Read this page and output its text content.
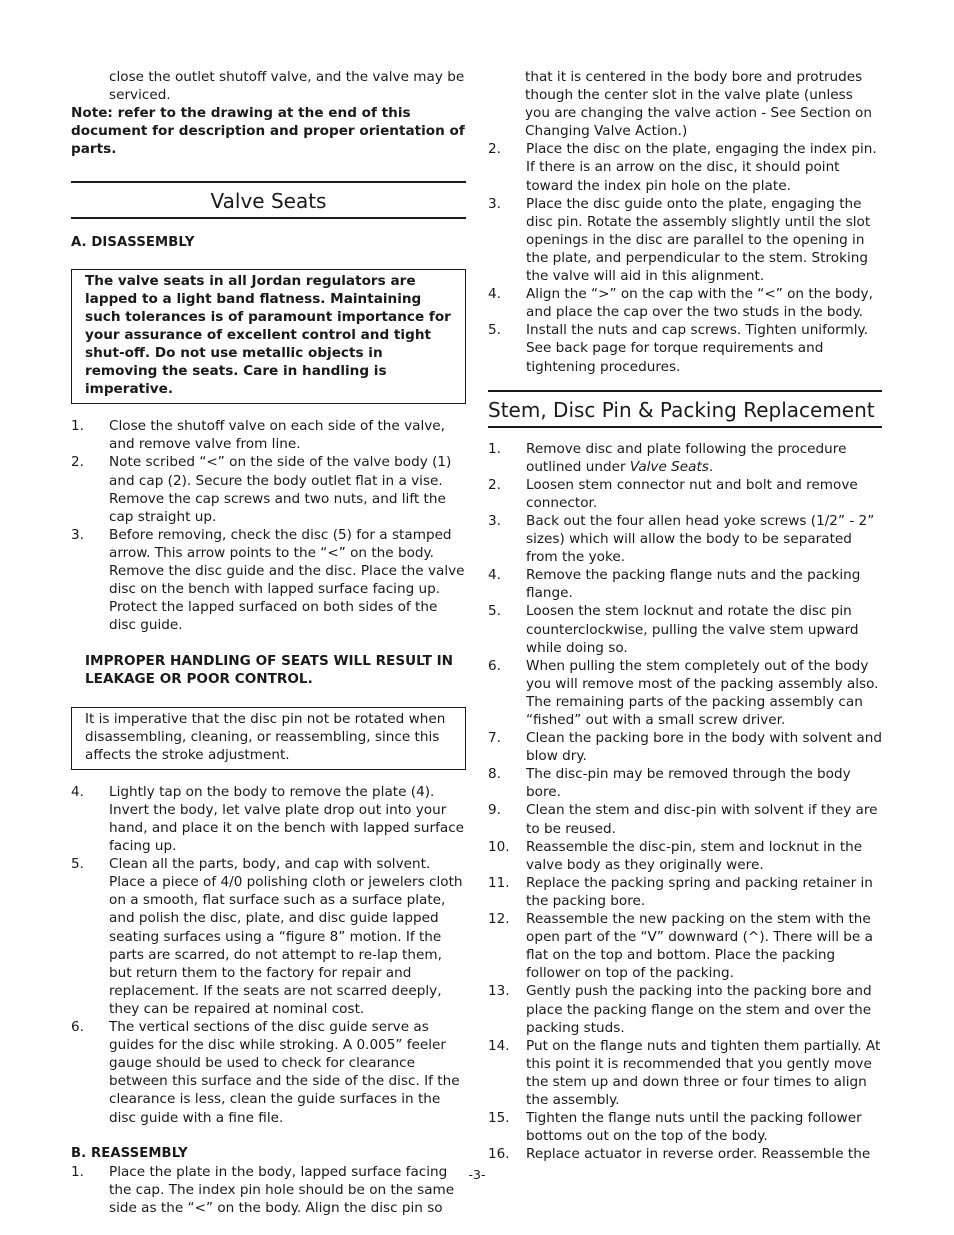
close the outlet shutoff valve, and the valve may be serviced.

Note: refer to the drawing at the end of this document for description and proper orientation of parts.

Valve Seats

A. DISASSEMBLY

The valve seats in all Jordan regulators are lapped to a light band flatness. Maintaining such tolerances is of paramount importance for your assurance of excellent control and tight shut-off. Do not use metallic objects in removing the seats. Care in handling is imperative.
1.	Close the shutoff valve on each side of the valve, and remove valve from line.
2.	Note scribed “<” on the side of the valve body (1) and cap (2). Secure the body outlet flat in a vise. Remove the cap screws and two nuts, and lift the cap straight up.
3.	Before removing, check the disc (5) for a stamped arrow. This arrow points to the “<” on the body. Remove the disc guide and the disc. Place the valve disc on the bench with lapped surface facing up. Protect the lapped surfaced on both sides of the disc guide.

IMPROPER HANDLING OF SEATS WILL RESULT IN LEAKAGE OR POOR CONTROL.

It is imperative that the disc pin not be rotated when disassembling, cleaning, or reassembling, since this affects the stroke adjustment.
4.	Lightly tap on the body to remove the plate (4). Invert the body, let valve plate drop out into your hand, and place it on the bench with lapped surface facing up.
5.	Clean all the parts, body, and cap with solvent. Place a piece of 4/0 polishing cloth or jewelers cloth on a smooth, flat surface such as a surface plate, and polish the disc, plate, and disc guide lapped seating surfaces using a “figure 8” motion. If the parts are scarred, do not attempt to re-lap them, but return them to the factory for repair and replacement. If the seats are not scarred deeply, they can be repaired at nominal cost.
6.	The vertical sections of the disc guide serve as guides for the disc while stroking. A 0.005” feeler gauge should be used to check for clearance between this surface and the side of the disc. If the clearance is less, clean the guide surfaces in the disc guide with a fine file.

B. REASSEMBLY

1.	Place the plate in the body, lapped surface facing the cap. The index pin hole should be on the same side as the “<” on the body. Align the disc pin so

that it is centered in the body bore and protrudes though the center slot in the valve plate (unless you are changing the valve action - See Section on Changing Valve Action.)

2.	Place the disc on the plate, engaging the index pin. If there is an arrow on the disc, it should point toward the index pin hole on the plate.
3.	Place the disc guide onto the plate, engaging the disc pin. Rotate the assembly slightly until the slot openings in the disc are parallel to the opening in the plate, and perpendicular to the stem. Stroking the valve will aid in this alignment.
4.	Align the “>” on the cap with the “<” on the body, and place the cap over the two studs in the body.
5.	Install the nuts and cap screws. Tighten uniformly. See back page for torque requirements and tightening procedures.
Stem, Disc Pin & Packing Replacement
1.	Remove disc and plate following the procedure outlined under Valve Seats.
2.	Loosen stem connector nut and bolt and remove connector.
3.	Back out the four allen head yoke screws (1/2” - 2” sizes) which will allow the body to be separated from the yoke.
4.	Remove the packing flange nuts and the packing flange.
5.	Loosen the stem locknut and rotate the disc pin counterclockwise, pulling the valve stem upward while doing so.
6.	When pulling the stem completely out of the body you will remove most of the packing assembly also. The remaining parts of the packing assembly can “fished” out with a small screw driver.
7.	Clean the packing bore in the body with solvent and blow dry.
8.	The disc-pin may be removed through the body bore.
9.	Clean the stem and disc-pin with solvent if they are to be reused.
10.	Reassemble the disc-pin, stem and locknut in the valve body as they originally were.
11.	Replace the packing spring and packing retainer in the packing bore.
12.	Reassemble the new packing on the stem with the open part of the “V” downward (^). There will be a flat on the top and bottom. Place the packing follower on top of the packing.
13.	Gently push the packing into the packing bore and place the packing flange on the stem and over the packing studs.
14.	Put on the flange nuts and tighten them partially. At this point it is recommended that you gently move the stem up and down three or four times to align the assembly.
15.	Tighten the flange nuts until the packing follower bottoms out on the top of the body.
16.	Replace actuator in reverse order. Reassemble the
-3-
